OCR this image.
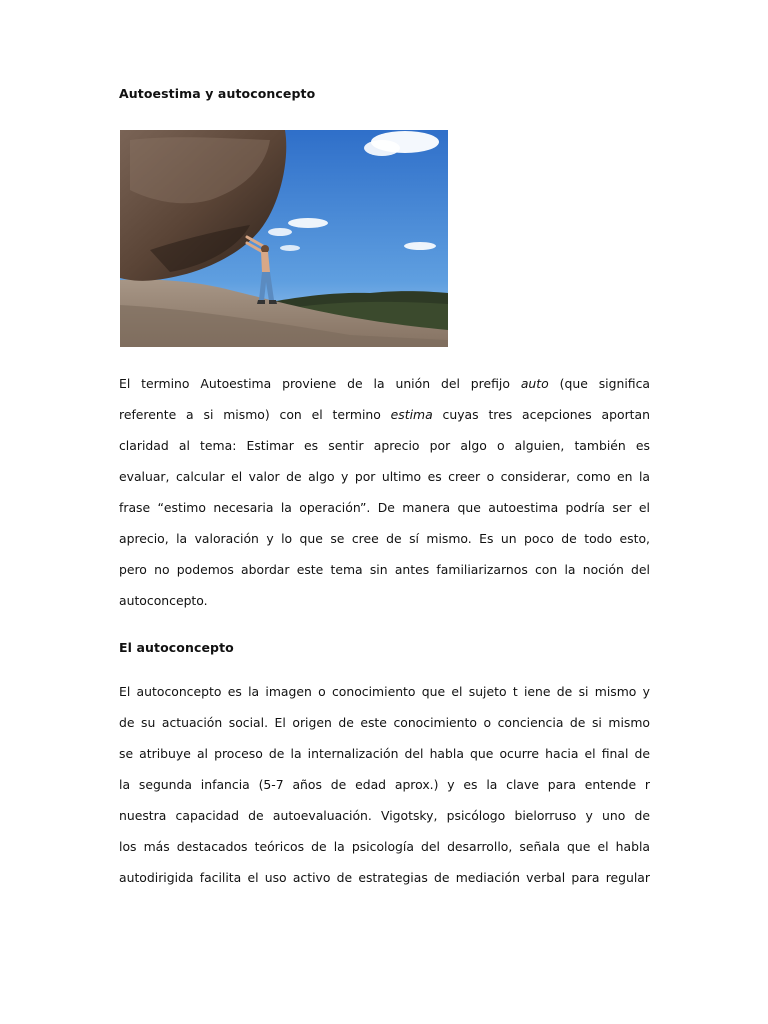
Autoestima y autoconcepto
El termino Autoestima proviene de la unión del prefijo auto (que significa
referente a si mismo) con el termino estima cuyas tres acepciones aportan
claridad al tema: Estimar es sentir aprecio por algo o alguien, también es
evaluar, calcular el valor de algo y por ultimo es creer o considerar, como en la
frase “estimo necesaria la operación”. De manera que autoestima podría ser el
aprecio, la valoración y lo que se cree de sí mismo. Es un poco de todo esto,
pero no podemos abordar este tema sin antes familiarizarnos con la noción del
autoconcepto.
El autoconcepto
El autoconcepto es la imagen o conocimiento que el sujeto t iene de si mismo y
de su actuación social. El origen de este conocimiento o conciencia de si mismo
se atribuye al proceso de la internalización del habla que ocurre hacia el final de
la segunda infancia (5-7 años de edad aprox.) y es la clave para entende r
nuestra capacidad de autoevaluación. Vigotsky, psicólogo bielorruso y uno de
los más destacados teóricos de la psicología del desarrollo, señala que el habla
autodirigida facilita el uso activo de estrategias de mediación verbal para regular
